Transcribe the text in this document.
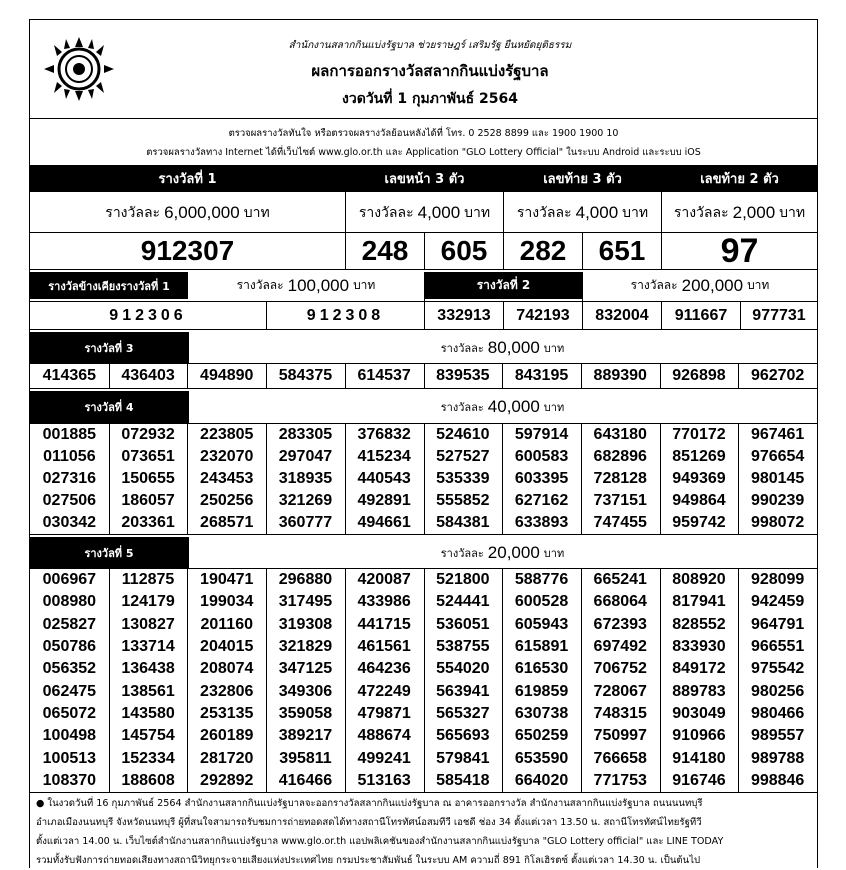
สำนักงานสลากกินแบ่งรัฐบาล ช่วยราษฎร์ เสริมรัฐ ยืนหยัดยุติธรรม
ผลการออกรางวัลสลากกินแบ่งรัฐบาล
งวดวันที่ 1 กุมภาพันธ์ 2564
ตรวจผลรางวัลทันใจ หรือตรวจผลรางวัลย้อนหลังได้ที่ โทร. 0 2528 8899 และ 1900 1900 10
ตรวจผลรางวัลทาง Internet ได้ที่เว็บไซต์ www.glo.or.th และ Application "GLO Lottery Official" ในระบบ Android และระบบ iOS
รางวัลที่ 1	เลขหน้า 3 ตัว	เลขท้าย 3 ตัว	เลขท้าย 2 ตัว
รางวัลละ 6,000,000 บาท	รางวัลละ 4,000 บาท รางวัลละ 4,000 บาท รางวัลละ 2,000 บาท
912307	248	605	282	651	97
รางวัลข้างเคียงรางวัลที่ 1	รางวัลละ 100,000 บาท	รางวัลที่ 2	รางวัลละ 200,000 บาท
912306	912308	332913	742193	832004	911667	977731
รางวัลที่ 3	รางวัลละ 80,000 บาท
414365	436403	494890	584375	614537	839535	843195	889390	926898	962702
รางวัลที่ 4	รางวัลละ 40,000 บาท
001885	072932	223805	283305	376832	524610	597914	643180	770172	967461
011056	073651	232070	297047	415234	527527	600583	682896	851269	976654
027316	150655	243453	318935	440543	535339	603395	728128	949369	980145
027506	186057	250256	321269	492891	555852	627162	737151	949864	990239
030342	203361	268571	360777	494661	584381	633893	747455	959742	998072
รางวัลที่ 5	รางวัลละ 20,000 บาท
006967	112875	190471	296880	420087	521800	588776	665241	808920	928099
008980	124179	199034	317495	433986	524441	600528	668064	817941	942459
025827	130827	201160	319308	441715	536051	605943	672393	828552	964791
050786	133714	204015	321829	461561	538755	615891	697492	833930	966551
056352	136438	208074	347125	464236	554020	616530	706752	849172	975542
062475	138561	232806	349306	472249	563941	619859	728067	889783	980256
065072	143580	253135	359058	479871	565327	630738	748315	903049	980466
100498	145754	260189	389217	488674	565693	650259	750997	910966	989557
100513	152334	281720	395811	499241	579841	653590	766658	914180	989788
108370	188608	292892	416466	513163	585418	664020	771753	916746	998846
● ในงวดวันที่ 16 กุมภาพันธ์ 2564 สำนักงานสลากกินแบ่งรัฐบาลจะออกรางวัลสลากกินแบ่งรัฐบาล ณ อาคารออกรางวัล สำนักงานสลากกินแบ่งรัฐบาล ถนนนนทบุรี
อำเภอเมืองนนทบุรี จังหวัดนนทบุรี ผู้ที่สนใจสามารถรับชมการถ่ายทอดสดได้ทางสถานีโทรทัศน์อสมทีวี เอชดี ช่อง 34 ตั้งแต่เวลา 13.50 น. สถานีโทรทัศน์ไทยรัฐทีวี
ตั้งแต่เวลา 14.00 น. เว็บไซต์สำนักงานสลากกินแบ่งรัฐบาล www.glo.or.th แอปพลิเคชันของสำนักงานสลากกินแบ่งรัฐบาล "GLO Lottery official" และ LINE TODAY
รวมทั้งรับฟังการถ่ายทอดเสียงทางสถานีวิทยุกระจายเสียงแห่งประเทศไทย กรมประชาสัมพันธ์ ในระบบ AM ความถี่ 891 กิโลเฮิรตซ์ ตั้งแต่เวลา 14.30 น. เป็นต้นไป
